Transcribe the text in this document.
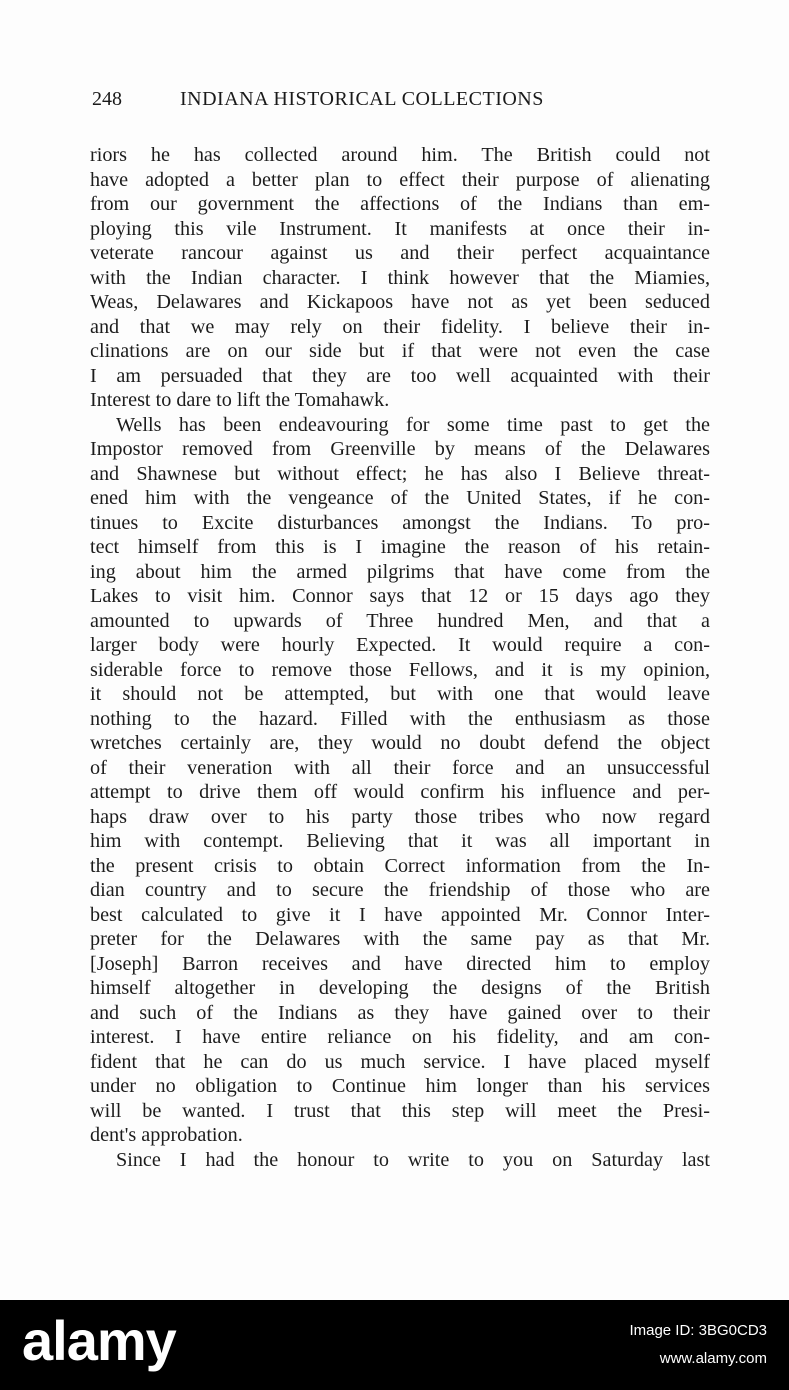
248	INDIANA HISTORICAL COLLECTIONS
riors he has collected around him. The British could not
have adopted a better plan to effect their purpose of alienating
from our government the affections of the Indians than em-
ploying this vile Instrument. It manifests at once their in-
veterate rancour against us and their perfect acquaintance
with the Indian character. I think however that the Miamies,
Weas, Delawares and Kickapoos have not as yet been seduced
and that we may rely on their fidelity. I believe their in-
clinations are on our side but if that were not even the case
I am persuaded that they are too well acquainted with their
Interest to dare to lift the Tomahawk.
Wells has been endeavouring for some time past to get the
Impostor removed from Greenville by means of the Delawares
and Shawnese but without effect; he has also I Believe threat-
ened him with the vengeance of the United States, if he con-
tinues to Excite disturbances amongst the Indians. To pro-
tect himself from this is I imagine the reason of his retain-
ing about him the armed pilgrims that have come from the
Lakes to visit him. Connor says that 12 or 15 days ago they
amounted to upwards of Three hundred Men, and that a
larger body were hourly Expected. It would require a con-
siderable force to remove those Fellows, and it is my opinion,
it should not be attempted, but with one that would leave
nothing to the hazard. Filled with the enthusiasm as those
wretches certainly are, they would no doubt defend the object
of their veneration with all their force and an unsuccessful
attempt to drive them off would confirm his influence and per-
haps draw over to his party those tribes who now regard
him with contempt. Believing that it was all important in
the present crisis to obtain Correct information from the In-
dian country and to secure the friendship of those who are
best calculated to give it I have appointed Mr. Connor Inter-
preter for the Delawares with the same pay as that Mr.
[Joseph] Barron receives and have directed him to employ
himself altogether in developing the designs of the British
and such of the Indians as they have gained over to their
interest. I have entire reliance on his fidelity, and am con-
fident that he can do us much service. I have placed myself
under no obligation to Continue him longer than his services
will be wanted. I trust that this step will meet the Presi-
dent's approbation.
Since I had the honour to write to you on Saturday last
alamy	Image ID: 3BG0CD3
www.alamy.com
